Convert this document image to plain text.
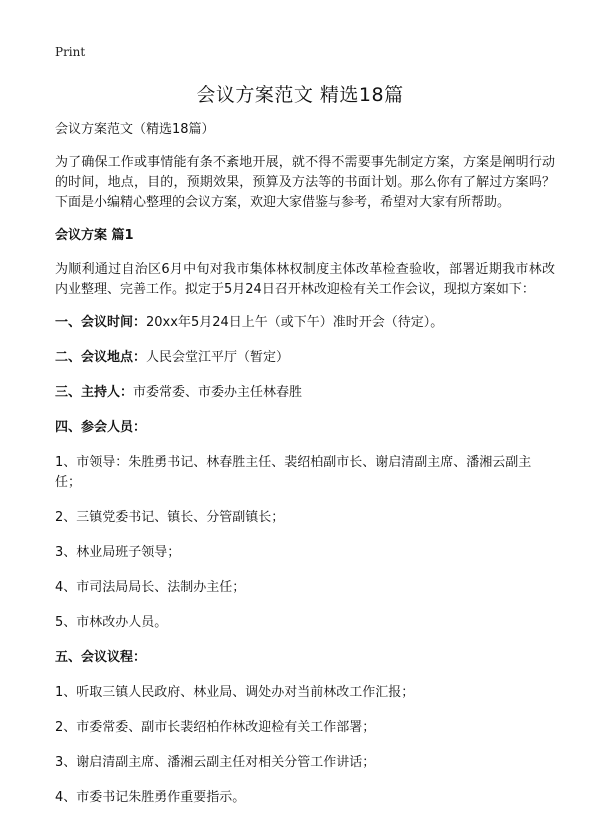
Print
会议方案范文 精选18篇

会议方案范文（精选18篇）

为了确保工作或事情能有条不紊地开展，就不得不需要事先制定方案，方案是阐明行动的时间，地点，目的，预期效果，预算及方法等的书面计划。那么你有了解过方案吗？下面是小编精心整理的会议方案，欢迎大家借鉴与参考，希望对大家有所帮助。

会议方案 篇1

为顺利通过自治区6月中旬对我市集体林权制度主体改革检查验收，部署近期我市林改内业整理、完善工作。拟定于5月24日召开林改迎检有关工作会议，现拟方案如下：

一、会议时间：20xx年5月24日上午（或下午）准时开会（待定）。

二、会议地点：人民会堂江平厅（暂定）

三、主持人：市委常委、市委办主任林春胜

四、参会人员：

1、市领导：朱胜勇书记、林春胜主任、裴绍柏副市长、谢启清副主席、潘湘云副主任；

2、三镇党委书记、镇长、分管副镇长；

3、林业局班子领导；

4、市司法局局长、法制办主任；

5、市林改办人员。

五、会议议程：

1、听取三镇人民政府、林业局、调处办对当前林改工作汇报；

2、市委常委、副市长裴绍柏作林改迎检有关工作部署；

3、谢启清副主席、潘湘云副主任对相关分管工作讲话；

4、市委书记朱胜勇作重要指示。
